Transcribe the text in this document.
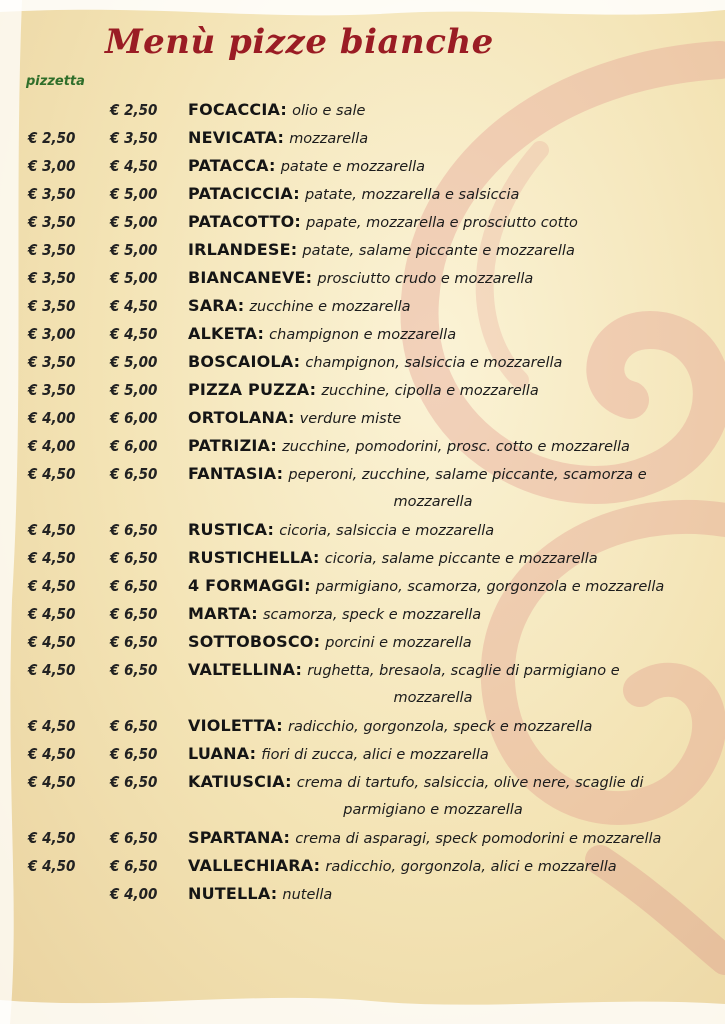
Menù pizze bianche
pizzetta
€ 2,50 FOCACCIA: olio e sale
€ 2,50 € 3,50 NEVICATA: mozzarella
€ 3,00 € 4,50 PATACCA: patate e mozzarella
€ 3,50 € 5,00 PATACICCIA: patate, mozzarella e salsiccia
€ 3,50 € 5,00 PATACOTTO: papate, mozzarella e prosciutto cotto
€ 3,50 € 5,00 IRLANDESE: patate, salame piccante e mozzarella
€ 3,50 € 5,00 BIANCANEVE: prosciutto crudo e mozzarella
€ 3,50 € 4,50 SARA: zucchine e mozzarella
€ 3,00 € 4,50 ALKETA: champignon e mozzarella
€ 3,50 € 5,00 BOSCAIOLA: champignon, salsiccia e mozzarella
€ 3,50 € 5,00 PIZZA PUZZA: zucchine, cipolla e mozzarella
€ 4,00 € 6,00 ORTOLANA: verdure miste
€ 4,00 € 6,00 PATRIZIA: zucchine, pomodorini, prosc. cotto e mozzarella
€ 4,50 € 6,50 FANTASIA: peperoni, zucchine, salame piccante, scamorza e
mozzarella
€ 4,50 € 6,50 RUSTICA: cicoria, salsiccia e mozzarella
€ 4,50 € 6,50 RUSTICHELLA: cicoria, salame piccante e mozzarella
€ 4,50 € 6,50 4 FORMAGGI: parmigiano, scamorza, gorgonzola e mozzarella
€ 4,50 € 6,50 MARTA: scamorza, speck e mozzarella
€ 4,50 € 6,50 SOTTOBOSCO: porcini e mozzarella
€ 4,50 € 6,50 VALTELLINA: rughetta, bresaola, scaglie di parmigiano e
mozzarella
€ 4,50 € 6,50 VIOLETTA: radicchio, gorgonzola, speck e mozzarella
€ 4,50 € 6,50 LUANA: fiori di zucca, alici e mozzarella
€ 4,50 € 6,50 KATIUSCIA: crema di tartufo, salsiccia, olive nere, scaglie di
parmigiano e mozzarella
€ 4,50 € 6,50 SPARTANA: crema di asparagi, speck pomodorini e mozzarella
€ 4,50 € 6,50 VALLECHIARA: radicchio, gorgonzola, alici e mozzarella
€ 4,00 NUTELLA: nutella
